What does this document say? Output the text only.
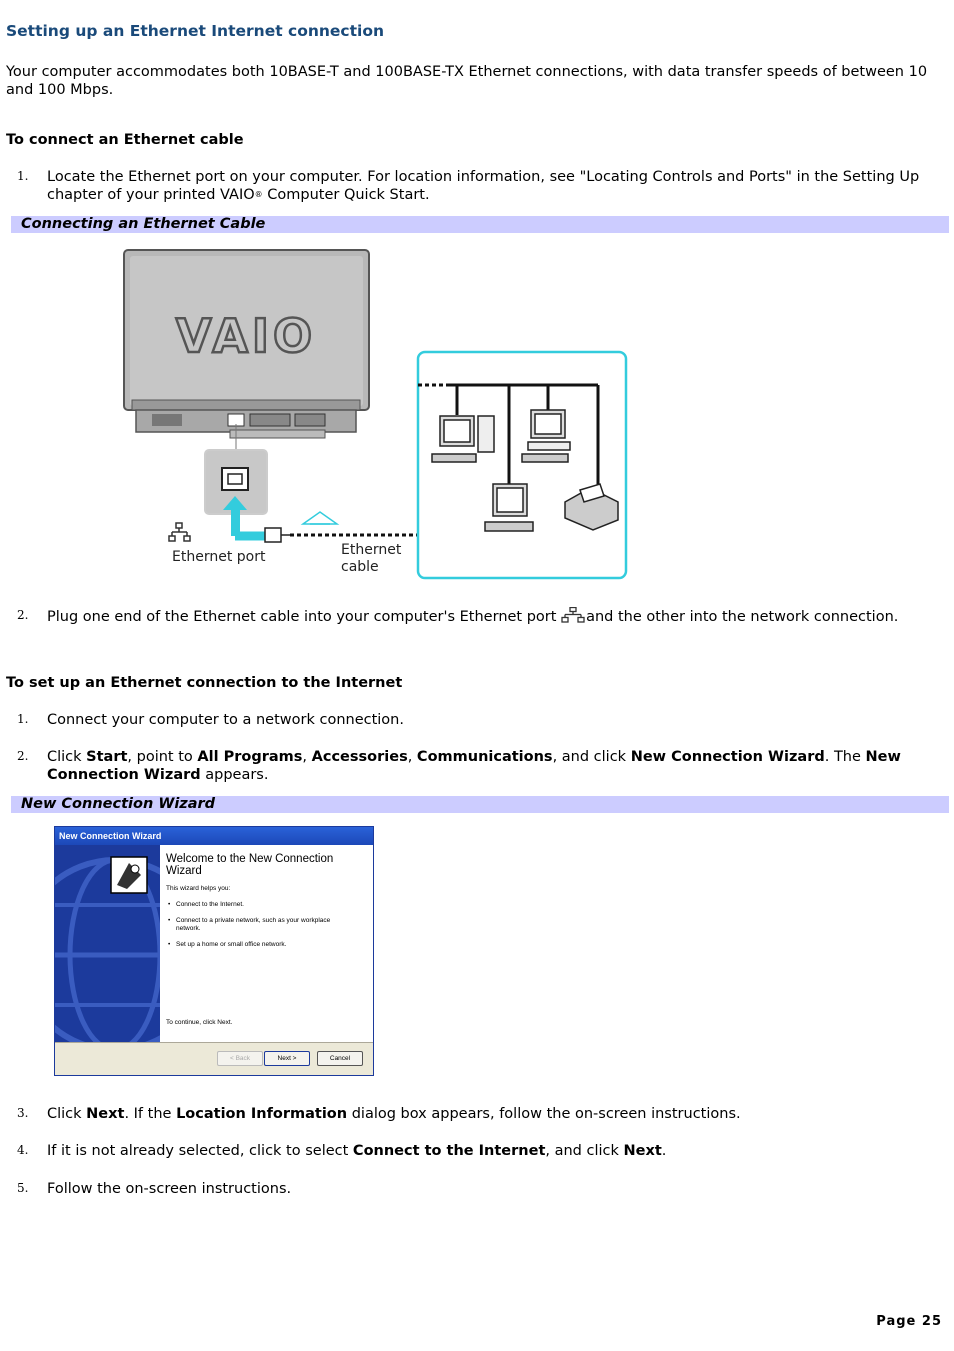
Setting up an Ethernet Internet connection

Your computer accommodates both 10BASE-T and 100BASE-TX Ethernet connections, with data transfer speeds of between 10 and 100 Mbps.

To connect an Ethernet cable
1. Locate the Ethernet port on your computer. For location information, see "Locating Controls and Ports" in the Setting Up chapter of your printed VAIO® Computer Quick Start.
Connecting an Ethernet Cable
VAIO
Ethernet port	Ethernet
cable
2. Plug one end of the Ethernet cable into your computer's Ethernet port and the other into the network connection.
To set up an Ethernet connection to the Internet
1. Connect your computer to a network connection.
2. Click Start, point to All Programs, Accessories, Communications, and click New Connection Wizard. The New Connection Wizard appears.
New Connection Wizard
New Connection Wizard
Welcome to the New Connection Wizard
This wizard helps you:
• Connect to the Internet.
• Connect to a private network, such as your workplace network.
• Set up a home or small office network.
To continue, click Next.
< Back	Next >	Cancel
3. Click Next. If the Location Information dialog box appears, follow the on-screen instructions.
4. If it is not already selected, click to select Connect to the Internet, and click Next.
5. Follow the on-screen instructions.
Page 25
